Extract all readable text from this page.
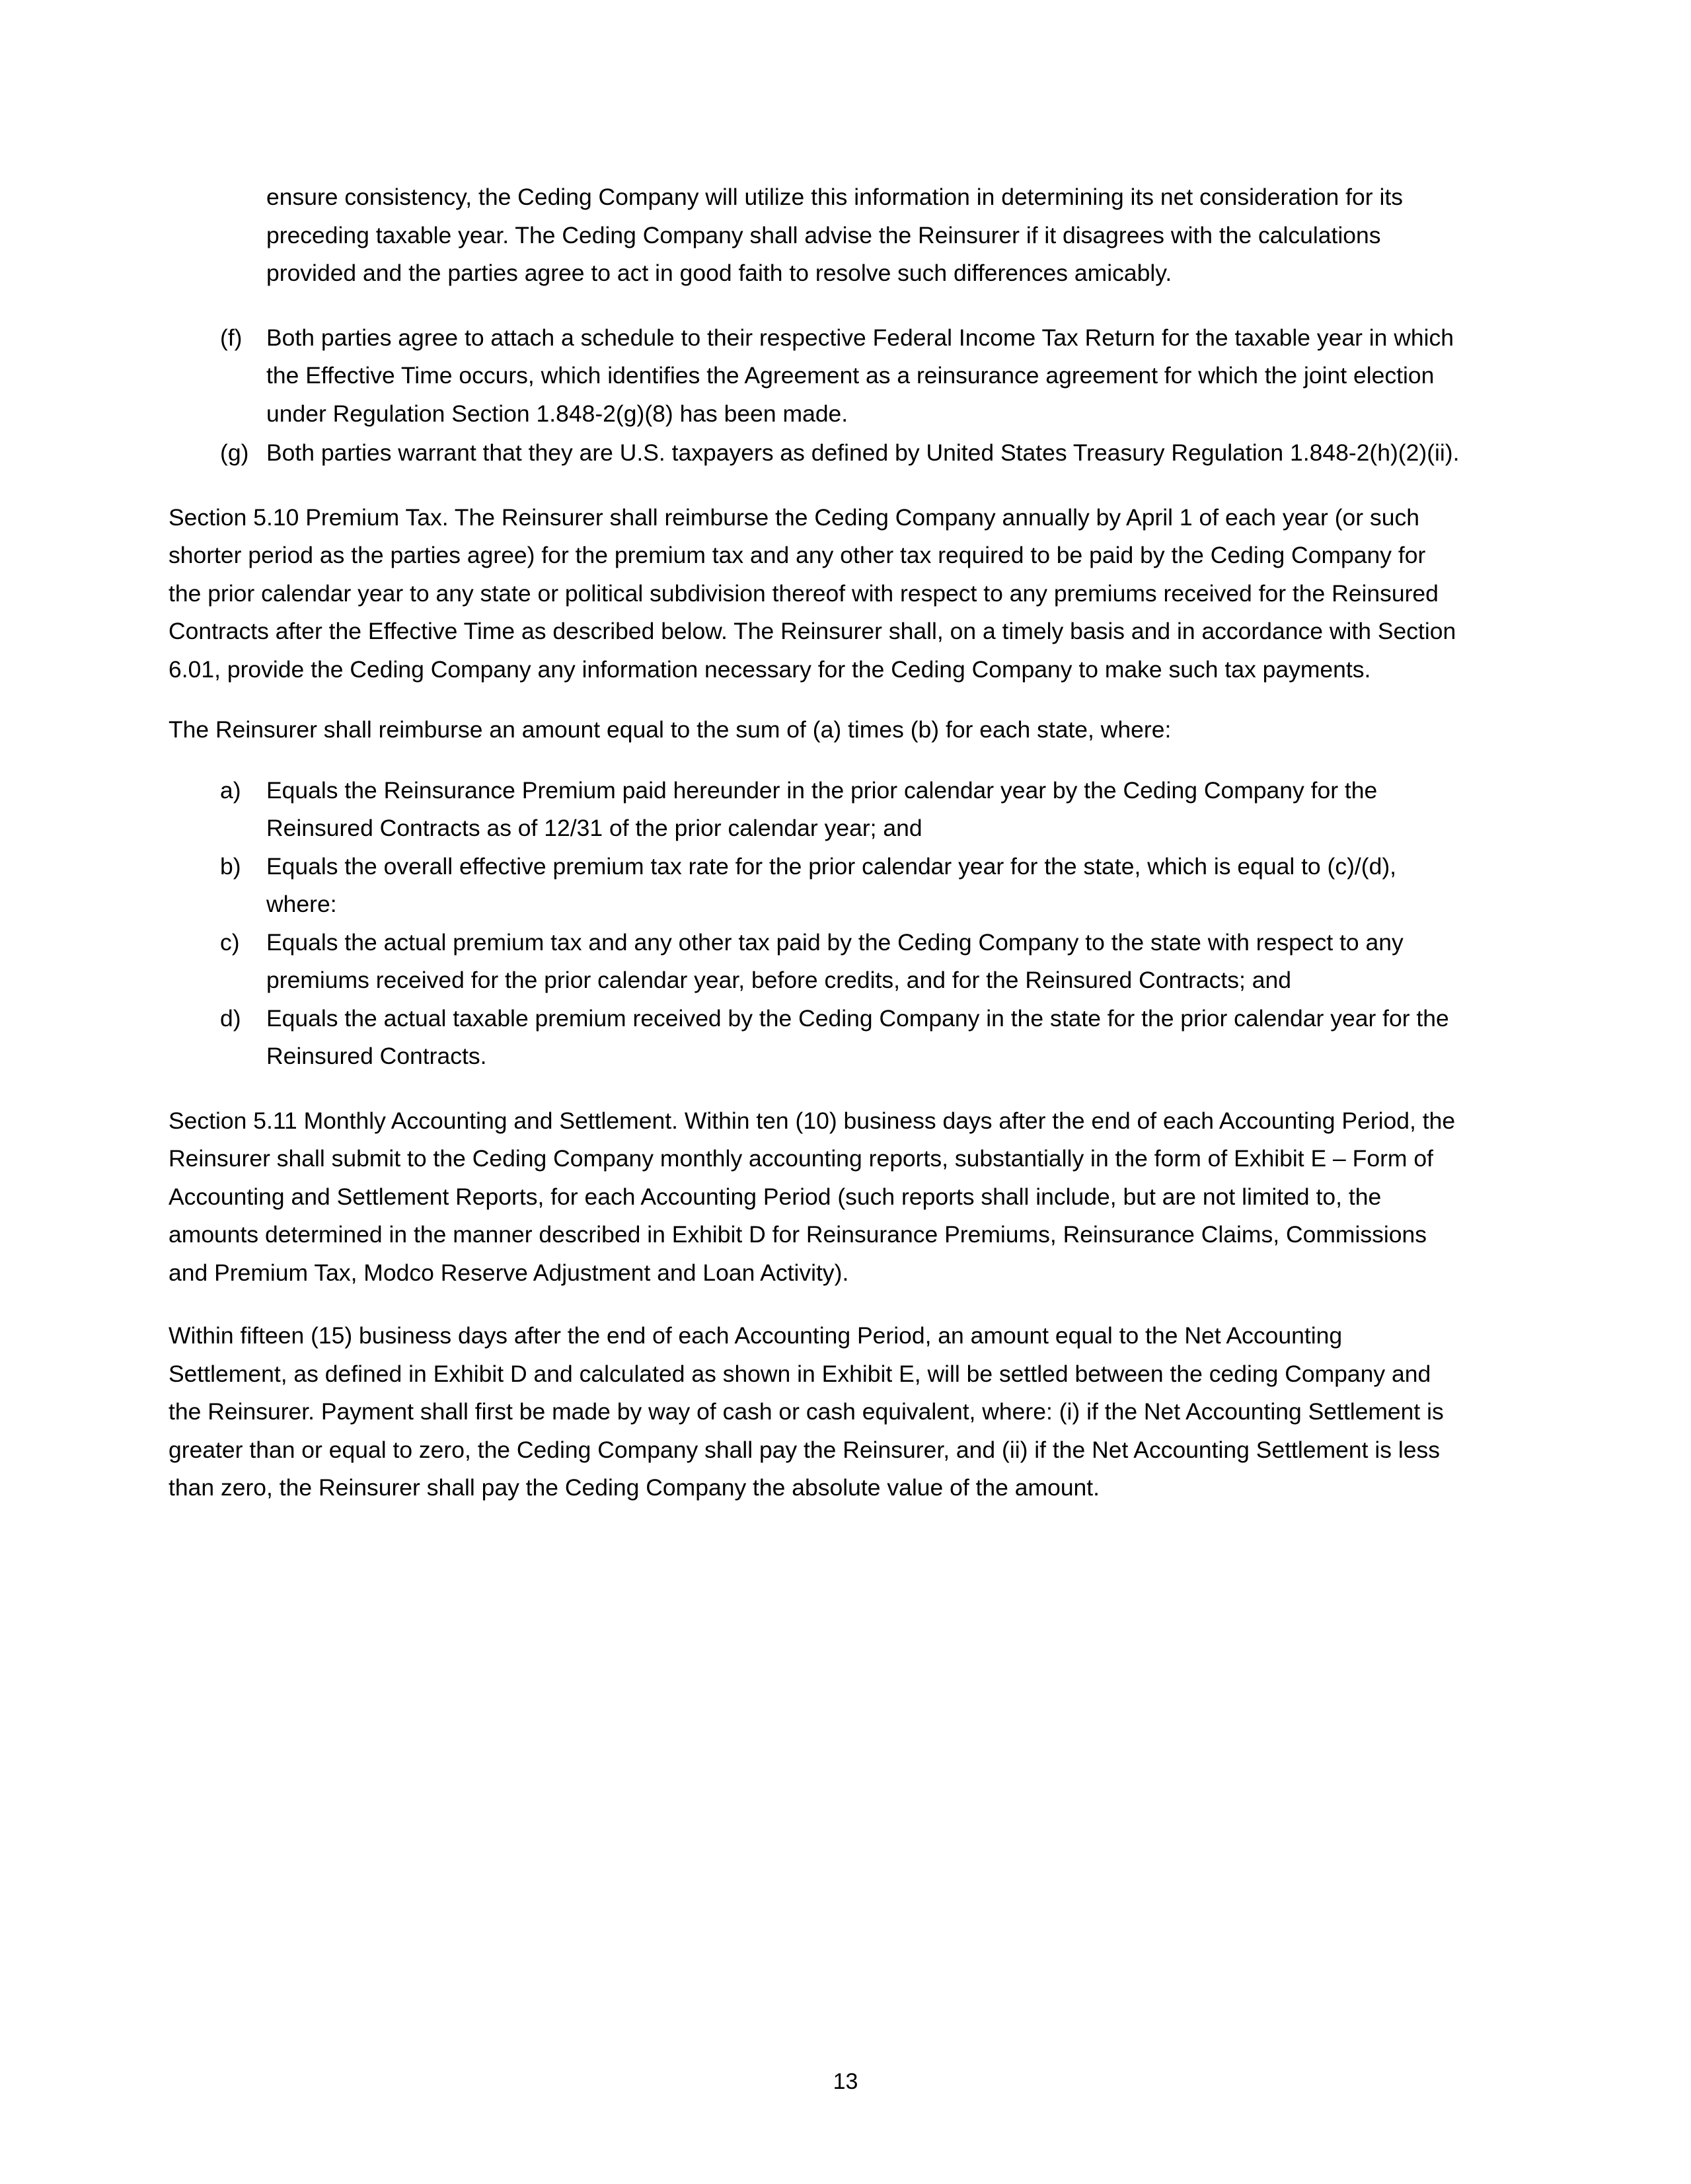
ensure consistency, the Ceding Company will utilize this information in determining its net consideration for its preceding taxable year. The Ceding Company shall advise the Reinsurer if it disagrees with the calculations provided and the parties agree to act in good faith to resolve such differences amicably.

(f)	Both parties agree to attach a schedule to their respective Federal Income Tax Return for the taxable year in which the Effective Time occurs, which identifies the Agreement as a reinsurance agreement for which the joint election under Regulation Section 1.848-2(g)(8) has been made.
(g) Both parties warrant that they are U.S. taxpayers as defined by United States Treasury Regulation 1.848-2(h)(2)(ii).

Section 5.10 Premium Tax. The Reinsurer shall reimburse the Ceding Company annually by April 1 of each year (or such shorter period as the parties agree) for the premium tax and any other tax required to be paid by the Ceding Company for the prior calendar year to any state or political subdivision thereof with respect to any premiums received for the Reinsured Contracts after the Effective Time as described below. The Reinsurer shall, on a timely basis and in accordance with Section 6.01, provide the Ceding Company any information necessary for the Ceding Company to make such tax payments.

The Reinsurer shall reimburse an amount equal to the sum of (a) times (b) for each state, where:

a)	Equals the Reinsurance Premium paid hereunder in the prior calendar year by the Ceding Company for the Reinsured Contracts as of 12/31 of the prior calendar year; and
b)	Equals the overall effective premium tax rate for the prior calendar year for the state, which is equal to (c)/(d), where:
c)	Equals the actual premium tax and any other tax paid by the Ceding Company to the state with respect to any premiums received for the prior calendar year, before credits, and for the Reinsured Contracts; and
d)	Equals the actual taxable premium received by the Ceding Company in the state for the prior calendar year for the Reinsured Contracts.

Section 5.11 Monthly Accounting and Settlement. Within ten (10) business days after the end of each Accounting Period, the Reinsurer shall submit to the Ceding Company monthly accounting reports, substantially in the form of Exhibit E – Form of Accounting and Settlement Reports, for each Accounting Period (such reports shall include, but are not limited to, the amounts determined in the manner described in Exhibit D for Reinsurance Premiums, Reinsurance Claims, Commissions and Premium Tax, Modco Reserve Adjustment and Loan Activity).

Within fifteen (15) business days after the end of each Accounting Period, an amount equal to the Net Accounting Settlement, as defined in Exhibit D and calculated as shown in Exhibit E, will be settled between the ceding Company and the Reinsurer. Payment shall first be made by way of cash or cash equivalent, where: (i) if the Net Accounting Settlement is greater than or equal to zero, the Ceding Company shall pay the Reinsurer, and (ii) if the Net Accounting Settlement is less than zero, the Reinsurer shall pay the Ceding Company the absolute value of the amount.

13
